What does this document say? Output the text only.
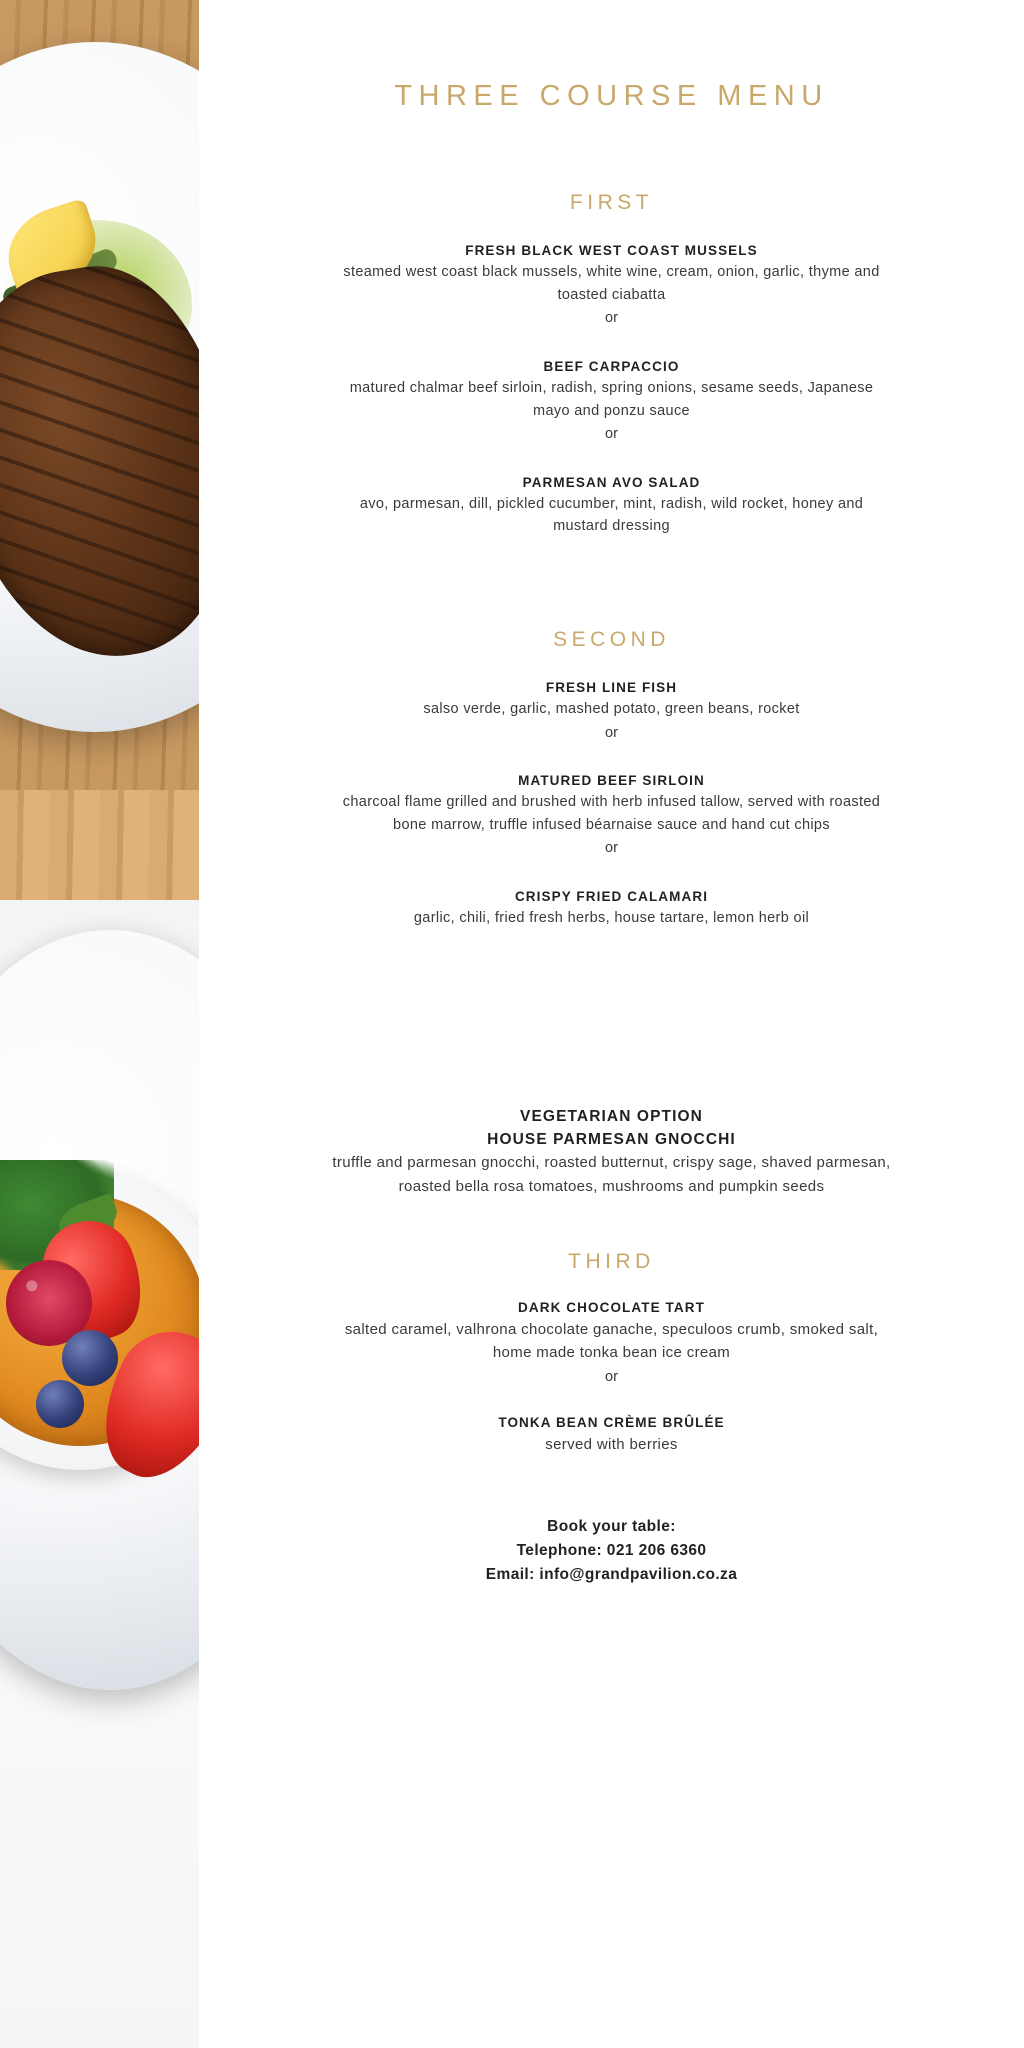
THREE COURSE MENU
FIRST

FRESH BLACK WEST COAST MUSSELS

steamed west coast black mussels, white wine, cream, onion, garlic, thyme and toasted ciabatta

or

BEEF CARPACCIO

matured chalmar beef sirloin, radish, spring onions, sesame seeds, Japanese mayo and ponzu sauce

or

PARMESAN AVO SALAD

avo, parmesan, dill, pickled cucumber, mint, radish, wild rocket, honey and mustard dressing

SECOND

FRESH LINE FISH

salso verde, garlic, mashed potato, green beans, rocket

or

MATURED BEEF SIRLOIN

charcoal flame grilled and brushed with herb infused tallow, served with roasted bone marrow, truffle infused béarnaise sauce and hand cut chips

or

CRISPY FRIED CALAMARI

garlic, chili, fried fresh herbs, house tartare, lemon herb oil

VEGETARIAN OPTION

HOUSE PARMESAN GNOCCHI

truffle and parmesan gnocchi, roasted butternut, crispy sage, shaved parmesan, roasted bella rosa tomatoes, mushrooms and pumpkin seeds

THIRD

DARK CHOCOLATE TART

salted caramel, valhrona chocolate ganache, speculoos crumb, smoked salt, home made tonka bean ice cream

or

TONKA BEAN CRÈME BRÛLÉE

served with berries

Book your table:

Telephone: 021 206 6360

Email: info@grandpavilion.co.za
